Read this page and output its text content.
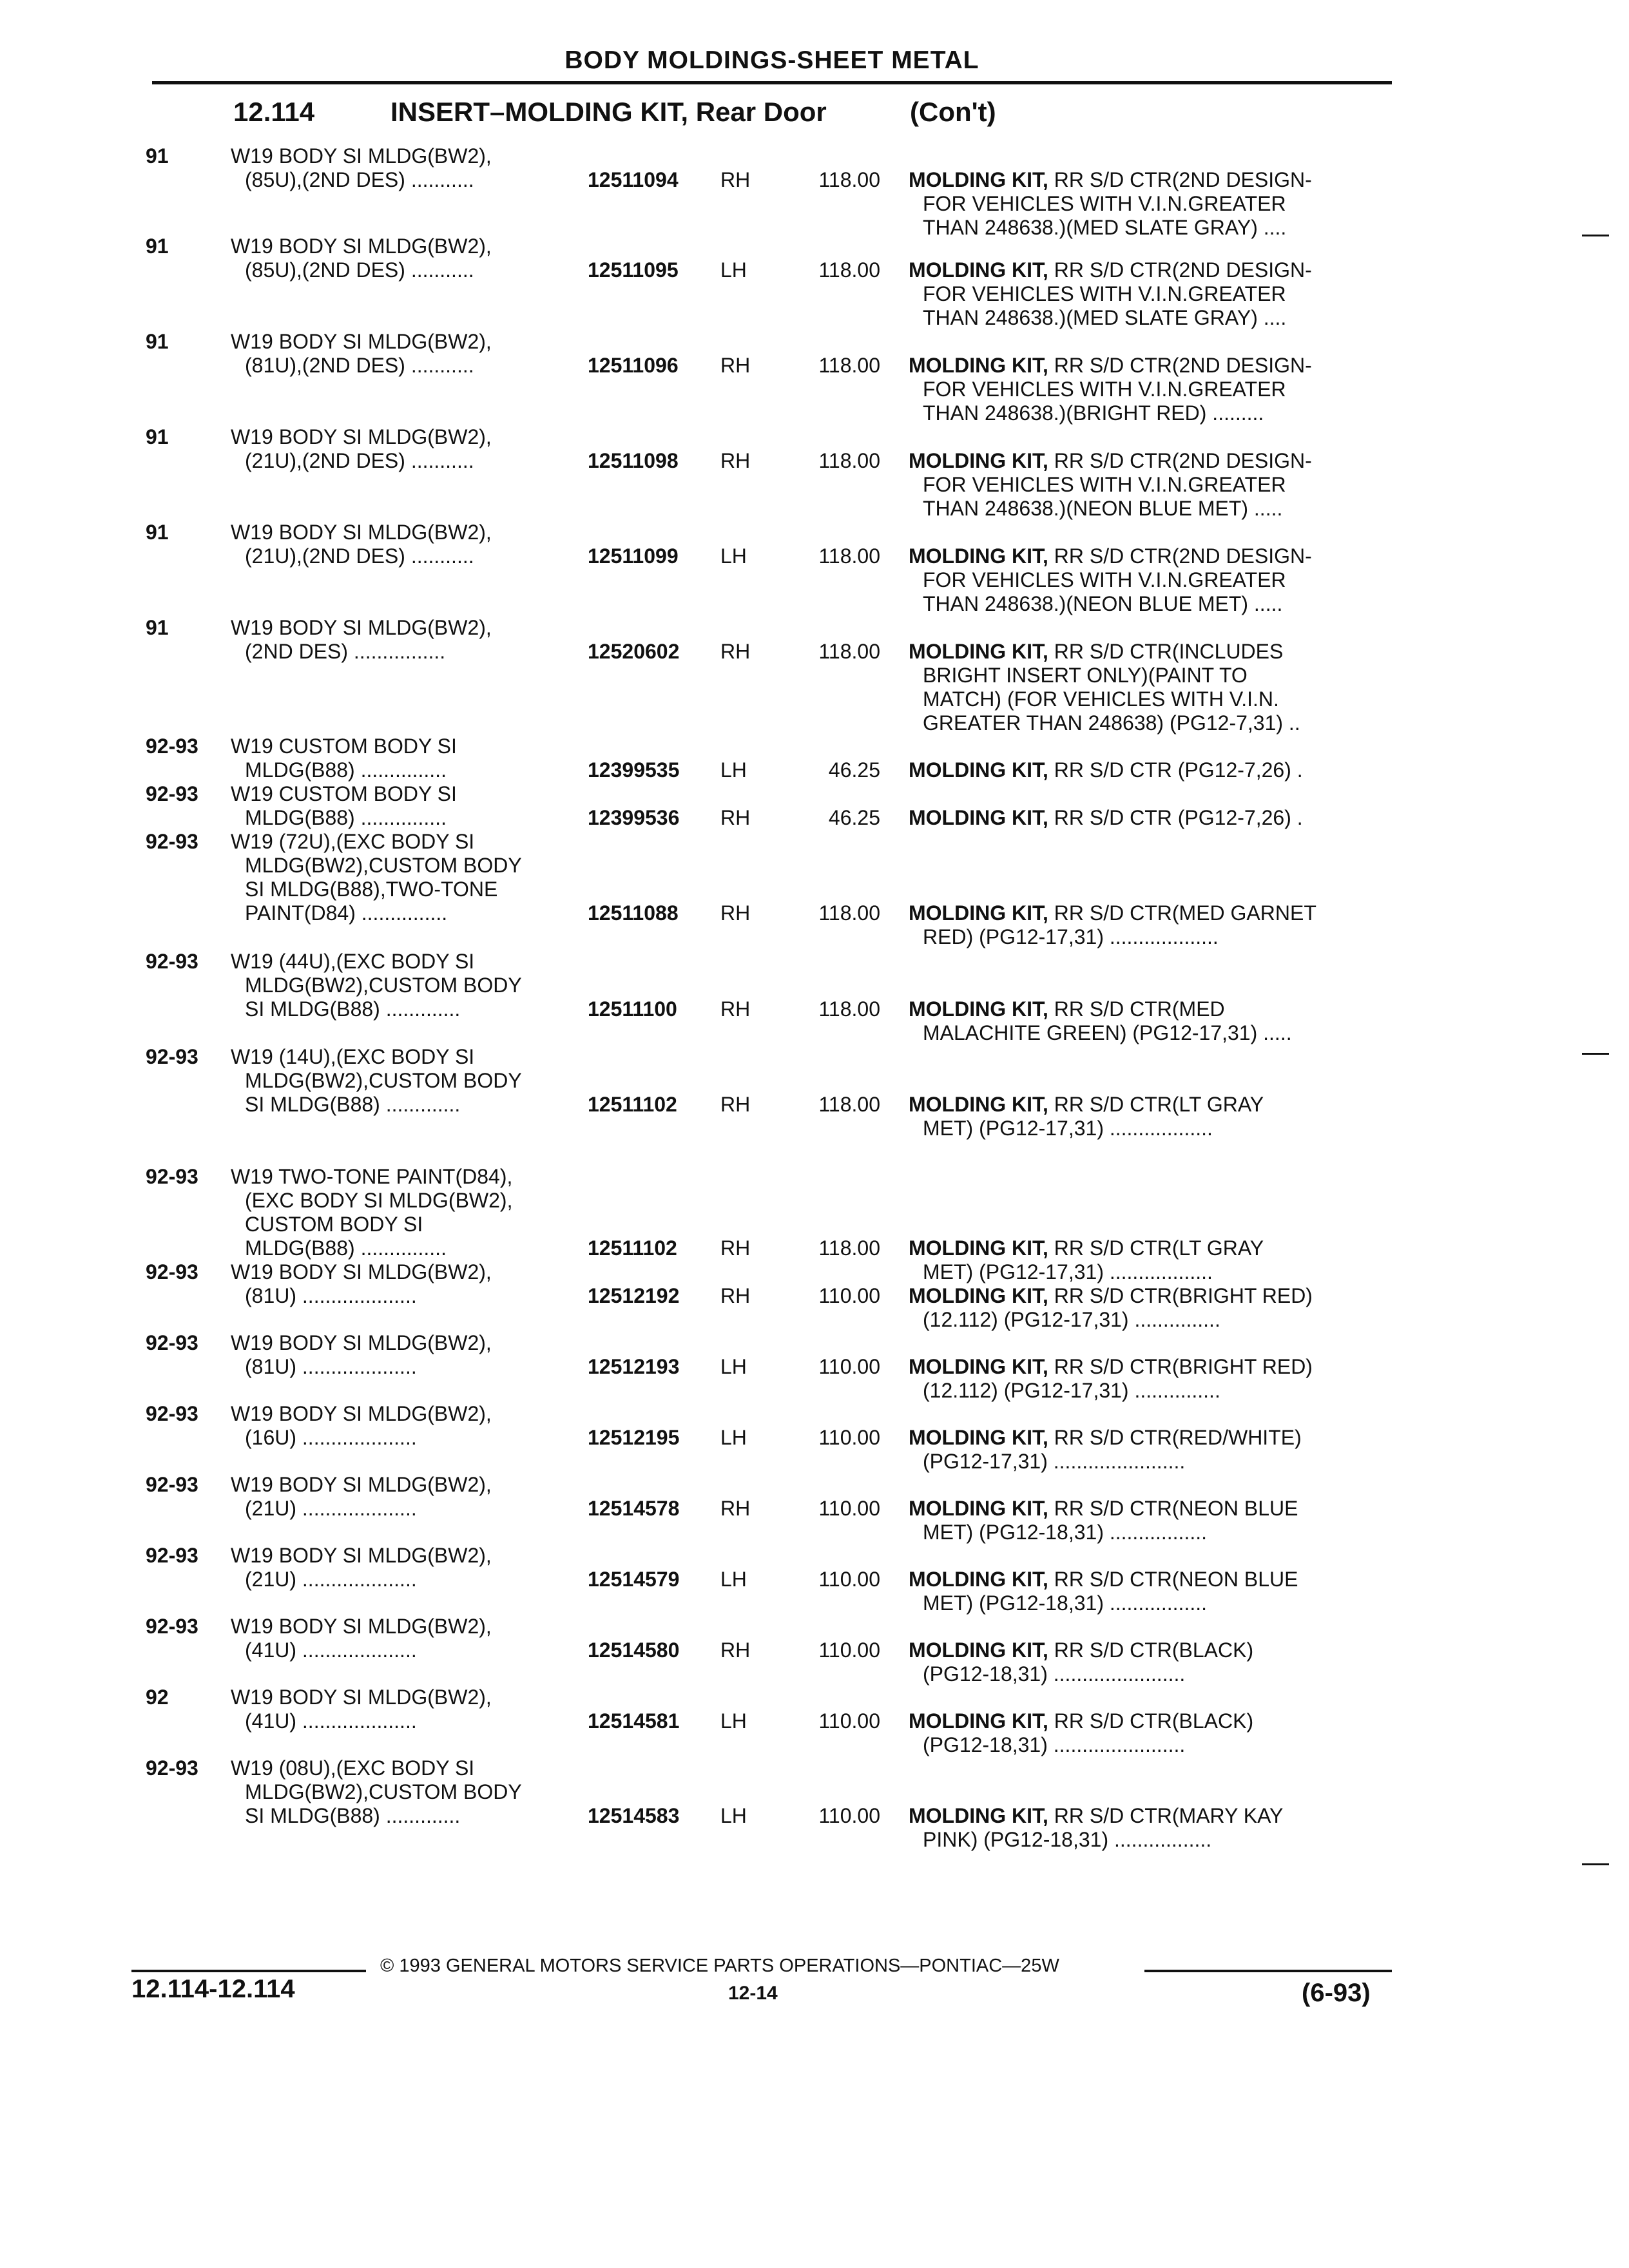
BODY MOLDINGS-SHEET METAL
12.114	INSERT–MOLDING KIT, Rear Door	(Con't)
91	W19 BODY SI MLDG(BW2),
(85U),(2ND DES) ...........	12511094	RH	118.00 MOLDING KIT, RR S/D CTR(2ND DESIGN-
FOR VEHICLES WITH V.I.N.GREATER
THAN 248638.)(MED SLATE GRAY) ....
91	W19 BODY SI MLDG(BW2),
(85U),(2ND DES) ...........	12511095	LH	118.00 MOLDING KIT, RR S/D CTR(2ND DESIGN-
FOR VEHICLES WITH V.I.N.GREATER
THAN 248638.)(MED SLATE GRAY) ....
91	W19 BODY SI MLDG(BW2),
(81U),(2ND DES) ...........	12511096	RH	118.00 MOLDING KIT, RR S/D CTR(2ND DESIGN-
FOR VEHICLES WITH V.I.N.GREATER
THAN 248638.)(BRIGHT RED) .........
91	W19 BODY SI MLDG(BW2),
(21U),(2ND DES) ...........	12511098	RH	118.00 MOLDING KIT, RR S/D CTR(2ND DESIGN-
FOR VEHICLES WITH V.I.N.GREATER
THAN 248638.)(NEON BLUE MET) .....
91	W19 BODY SI MLDG(BW2),
(21U),(2ND DES) ...........	12511099	LH	118.00 MOLDING KIT, RR S/D CTR(2ND DESIGN-
FOR VEHICLES WITH V.I.N.GREATER
THAN 248638.)(NEON BLUE MET) .....
91	W19 BODY SI MLDG(BW2),
(2ND DES) ................	12520602	RH	118.00 MOLDING KIT, RR S/D CTR(INCLUDES
BRIGHT INSERT ONLY)(PAINT TO
MATCH) (FOR VEHICLES WITH V.I.N.
GREATER THAN 248638) (PG12-7,31) ..
92-93	W19 CUSTOM BODY SI
MLDG(B88) ...............	12399535	LH	46.25 MOLDING KIT, RR S/D CTR (PG12-7,26) .
92-93	W19 CUSTOM BODY SI
MLDG(B88) ...............	12399536	RH	46.25 MOLDING KIT, RR S/D CTR (PG12-7,26) .
92-93	W19 (72U),(EXC BODY SI
MLDG(BW2),CUSTOM BODY
SI MLDG(B88),TWO-TONE
PAINT(D84) ...............	12511088	RH	118.00 MOLDING KIT, RR S/D CTR(MED GARNET
RED) (PG12-17,31) ...................
92-93	W19 (44U),(EXC BODY SI
MLDG(BW2),CUSTOM BODY
SI MLDG(B88) .............	12511100	RH	118.00 MOLDING KIT, RR S/D CTR(MED
MALACHITE GREEN) (PG12-17,31) .....
92-93	W19 (14U),(EXC BODY SI
MLDG(BW2),CUSTOM BODY
SI MLDG(B88) .............	12511102	RH	118.00 MOLDING KIT, RR S/D CTR(LT GRAY
MET) (PG12-17,31) ..................
92-93	W19 TWO-TONE PAINT(D84),
(EXC BODY SI MLDG(BW2),
CUSTOM BODY SI
MLDG(B88) ...............	12511102	RH	118.00 MOLDING KIT, RR S/D CTR(LT GRAY
MET) (PG12-17,31) ..................
92-93	W19 BODY SI MLDG(BW2),
(81U) ....................	12512192	RH	110.00 MOLDING KIT, RR S/D CTR(BRIGHT RED)
(12.112) (PG12-17,31) ...............
92-93	W19 BODY SI MLDG(BW2),
(81U) ....................	12512193	LH	110.00 MOLDING KIT, RR S/D CTR(BRIGHT RED)
(12.112) (PG12-17,31) ...............
92-93	W19 BODY SI MLDG(BW2),
(16U) ....................	12512195	LH	110.00 MOLDING KIT, RR S/D CTR(RED/WHITE)
(PG12-17,31) .......................
92-93	W19 BODY SI MLDG(BW2),
(21U) ....................	12514578	RH	110.00 MOLDING KIT, RR S/D CTR(NEON BLUE
MET) (PG12-18,31) .................
92-93	W19 BODY SI MLDG(BW2),
(21U) ....................	12514579	LH	110.00 MOLDING KIT, RR S/D CTR(NEON BLUE
MET) (PG12-18,31) .................
92-93	W19 BODY SI MLDG(BW2),
(41U) ....................	12514580	RH	110.00 MOLDING KIT, RR S/D CTR(BLACK)
(PG12-18,31) .......................
92	W19 BODY SI MLDG(BW2),
(41U) ....................	12514581	LH	110.00 MOLDING KIT, RR S/D CTR(BLACK)
(PG12-18,31) .......................
92-93	W19 (08U),(EXC BODY SI
MLDG(BW2),CUSTOM BODY
SI MLDG(B88) .............	12514583	LH	110.00 MOLDING KIT, RR S/D CTR(MARY KAY
PINK) (PG12-18,31) .................
© 1993 GENERAL MOTORS SERVICE PARTS OPERATIONS—PONTIAC—25W
12.114-12.114	12-14	(6-93)
